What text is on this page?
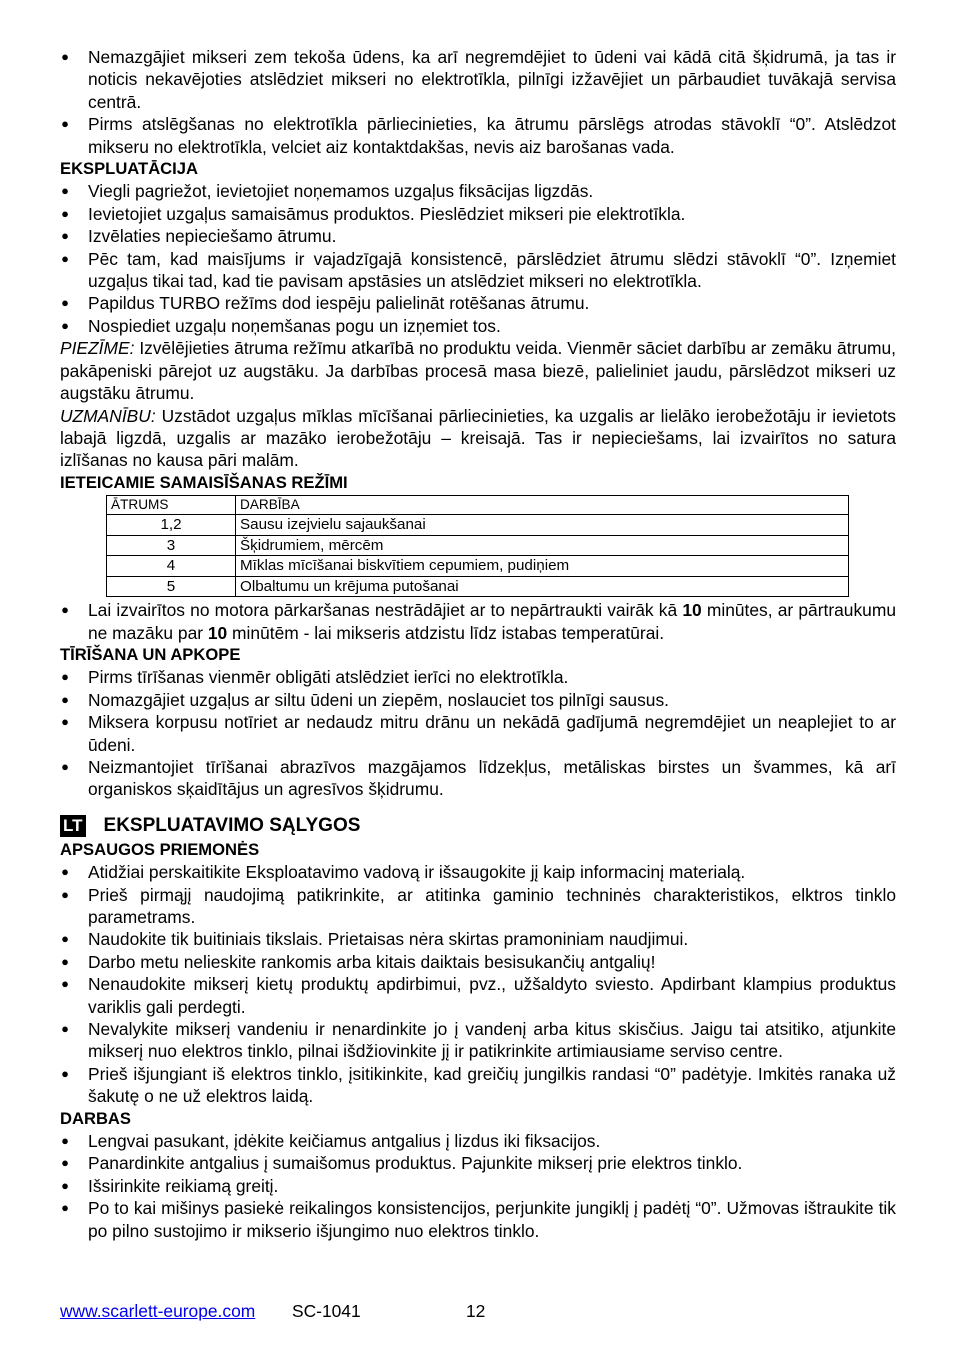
● Nemazgājiet mikseri zem tekoša ūdens, ka arī negremdējiet to ūdeni vai kādā citā šķidrumā, ja tas ir noticis nekavējoties atslēdziet mikseri no elektrotīkla, pilnīgi izžavējiet un pārbaudiet tuvākajā servisa centrā.
● Pirms atslēgšanas no elektrotīkla pārliecinieties, ka ātrumu pārslēgs atrodas stāvoklī “0”. Atslēdzot mikseru no elektrotīkla, velciet aiz kontaktdakšas, nevis aiz barošanas vada.
EKSPLUATĀCIJA
● Viegli pagriežot, ievietojiet noņemamos uzgaļus fiksācijas ligzdās.
● Ievietojiet uzgaļus samaisāmus produktos. Pieslēdziet mikseri pie elektrotīkla.
● Izvēlaties nepieciešamo ātrumu.
● Pēc tam, kad maisījums ir vajadzīgajā konsistencē, pārslēdziet ātrumu slēdzi stāvoklī “0”. Izņemiet uzgaļus tikai tad, kad tie pavisam apstāsies un atslēdziet mikseri no elektrotīkla.
● Papildus TURBO režīms dod iespēju palielināt rotēšanas ātrumu.
● Nospiediet uzgaļu noņemšanas pogu un izņemiet tos.

PIEZĪME: Izvēlējieties ātruma režīmu atkarībā no produktu veida. Vienmēr sāciet darbību ar zemāku ātrumu, pakāpeniski pārejot uz augstāku. Ja darbības procesā masa biezē, palieliniet jaudu, pārslēdzot mikseri uz augstāku ātrumu.

UZMANĪBU: Uzstādot uzgaļus mīklas mīcīšanai pārliecinieties, ka uzgalis ar lielāko ierobežotāju ir ievietots labajā ligzdā, uzgalis ar mazāko ierobežotāju – kreisajā. Tas ir nepieciešams, lai izvairītos no satura izlīšanas no kausa pāri malām.

IETEICAMIE SAMAISĪŠANAS REŽĪMI
ĀTRUMS	DARBĪBA
1,2	Sausu izejvielu sajaukšanai
3	Šķidrumiem, mērcēm
4	Mīklas mīcīšanai biskvītiem cepumiem, pudiņiem
5	Olbaltumu un krējuma putošanai
● Lai izvairītos no motora pārkaršanas nestrādājiet ar to nepārtraukti vairāk kā 10 minūtes, ar pārtraukumu ne mazāku par 10 minūtēm - lai mikseris atdzistu līdz istabas temperatūrai.
TĪRĪŠANA UN APKOPE
● Pirms tīrīšanas vienmēr obligāti atslēdziet ierīci no elektrotīkla.
● Nomazgājiet uzgaļus ar siltu ūdeni un ziepēm, noslauciet tos pilnīgi sausus.
● Miksera korpusu notīriet ar nedaudz mitru drānu un nekādā gadījumā negremdējiet un neaplejiet to ar ūdeni.
● Neizmantojiet tīrīšanai abrazīvos mazgājamos līdzekļus, metāliskas birstes un švammes, kā arī organiskos sķaidītājus un agresīvos šķidrumu.
LT EKSPLUATAVIMO SĄLYGOS
APSAUGOS PRIEMONĖS
● Atidžiai perskaitikite Eksploatavimo vadovą ir išsaugokite jį kaip informacinį materialą.
● Prieš pirmąjį naudojimą patikrinkite, ar atitinka gaminio techninės charakteristikos, elktros tinklo parametrams.
● Naudokite tik buitiniais tikslais. Prietaisas nėra skirtas pramoniniam naudjimui.
● Darbo metu nelieskite rankomis arba kitais daiktais besisukančių antgalių!
● Nenaudokite mikserį kietų produktų apdirbimui, pvz., užšaldyto sviesto. Apdirbant klampius produktus variklis gali perdegti.
● Nevalykite mikserį vandeniu ir nenardinkite jo į vandenį arba kitus skisčius. Jaigu tai atsitiko, atjunkite mikserį nuo elektros tinklo, pilnai išdžiovinkite jį ir patikrinkite artimiausiame serviso centre.
● Prieš išjungiant iš elektros tinklo, įsitikinkite, kad greičių jungilkis randasi “0” padėtyje. Imkitės ranaka už šakutę o ne už elektros laidą.
DARBAS
● Lengvai pasukant, įdėkite keičiamus antgalius į lizdus iki fiksacijos.
● Panardinkite antgalius į sumaišomus produktus. Pajunkite mikserį prie elektros tinklo.
● Išsirinkite reikiamą greitį.
● Po to kai mišinys pasiekė reikalingos konsistencijos, perjunkite jungiklį į padėtį “0”. Užmovas ištraukite tik po pilno sustojimo ir mikserio išjungimo nuo elektros tinklo.
www.scarlett-europe.com SC-1041	12
